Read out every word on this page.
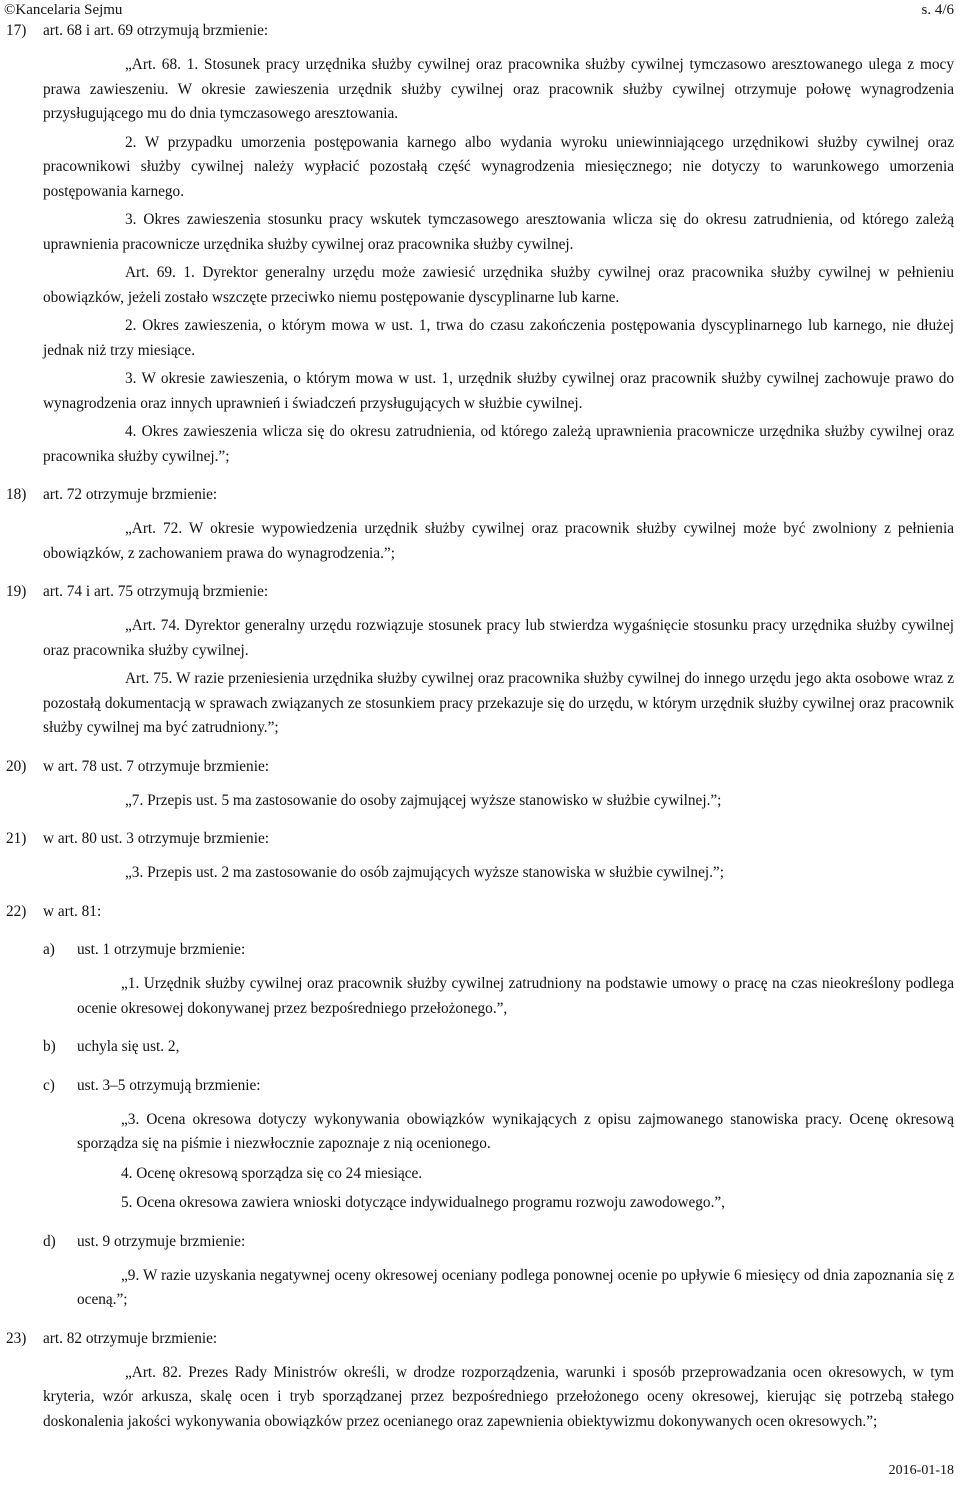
©Kancelaria Sejmu	s. 4/6
17)	art. 68 i art. 69 otrzymują brzmienie:

„Art. 68. 1. Stosunek pracy urzędnika służby cywilnej oraz pracownika służby cywilnej tymczasowo aresztowanego ulega z mocy prawa zawieszeniu. W okresie zawieszenia urzędnik służby cywilnej oraz pracownik służby cywilnej otrzymuje połowę wynagrodzenia przysługującego mu do dnia tymczasowego aresztowania.

2. W przypadku umorzenia postępowania karnego albo wydania wyroku uniewinniającego urzędnikowi służby cywilnej oraz pracownikowi służby cywilnej należy wypłacić pozostałą część wynagrodzenia miesięcznego; nie dotyczy to warunkowego umorzenia postępowania karnego.

3. Okres zawieszenia stosunku pracy wskutek tymczasowego aresztowania wlicza się do okresu zatrudnienia, od którego zależą uprawnienia pracownicze urzędnika służby cywilnej oraz pracownika służby cywilnej.

Art. 69. 1. Dyrektor generalny urzędu może zawiesić urzędnika służby cywilnej oraz pracownika służby cywilnej w pełnieniu obowiązków, jeżeli zostało wszczęte przeciwko niemu postępowanie dyscyplinarne lub karne.

2. Okres zawieszenia, o którym mowa w ust. 1, trwa do czasu zakończenia postępowania dyscyplinarnego lub karnego, nie dłużej jednak niż trzy miesiące.

3. W okresie zawieszenia, o którym mowa w ust. 1, urzędnik służby cywilnej oraz pracownik służby cywilnej zachowuje prawo do wynagrodzenia oraz innych uprawnień i świadczeń przysługujących w służbie cywilnej.

4. Okres zawieszenia wlicza się do okresu zatrudnienia, od którego zależą uprawnienia pracownicze urzędnika służby cywilnej oraz pracownika służby cywilnej.”;

18)	art. 72 otrzymuje brzmienie:

„Art. 72. W okresie wypowiedzenia urzędnik służby cywilnej oraz pracownik służby cywilnej może być zwolniony z pełnienia obowiązków, z zachowaniem prawa do wynagrodzenia.”;

19)	art. 74 i art. 75 otrzymują brzmienie:

„Art. 74. Dyrektor generalny urzędu rozwiązuje stosunek pracy lub stwierdza wygaśnięcie stosunku pracy urzędnika służby cywilnej oraz pracownika służby cywilnej.

Art. 75. W razie przeniesienia urzędnika służby cywilnej oraz pracownika służby cywilnej do innego urzędu jego akta osobowe wraz z pozostałą dokumentacją w sprawach związanych ze stosunkiem pracy przekazuje się do urzędu, w którym urzędnik służby cywilnej oraz pracownik służby cywilnej ma być zatrudniony.”;

20)	w art. 78 ust. 7 otrzymuje brzmienie:

„7. Przepis ust. 5 ma zastosowanie do osoby zajmującej wyższe stanowisko w służbie cywilnej.”;

21)	w art. 80 ust. 3 otrzymuje brzmienie:

„3. Przepis ust. 2 ma zastosowanie do osób zajmujących wyższe stanowiska w służbie cywilnej.”;

22)	w art. 81:
a)	ust. 1 otrzymuje brzmienie:

„1. Urzędnik służby cywilnej oraz pracownik służby cywilnej zatrudniony na podstawie umowy o pracę na czas nieokreślony podlega ocenie okresowej dokonywanej przez bezpośredniego przełożonego.”,

b)	uchyla się ust. 2,
c)	ust. 3–5 otrzymują brzmienie:

„3. Ocena okresowa dotyczy wykonywania obowiązków wynikających z opisu zajmowanego stanowiska pracy. Ocenę okresową sporządza się na piśmie i niezwłocznie zapoznaje z nią ocenionego.

4. Ocenę okresową sporządza się co 24 miesiące.

5. Ocena okresowa zawiera wnioski dotyczące indywidualnego programu rozwoju zawodowego.”,

d)	ust. 9 otrzymuje brzmienie:

„9. W razie uzyskania negatywnej oceny okresowej oceniany podlega ponownej ocenie po upływie 6 miesięcy od dnia zapoznania się z oceną.”;

23)	art. 82 otrzymuje brzmienie:

„Art. 82. Prezes Rady Ministrów określi, w drodze rozporządzenia, warunki i sposób przeprowadzania ocen okresowych, w tym kryteria, wzór arkusza, skalę ocen i tryb sporządzanej przez bezpośredniego przełożonego oceny okresowej, kierując się potrzebą stałego doskonalenia jakości wykonywania obowiązków przez ocenianego oraz zapewnienia obiektywizmu dokonywanych ocen okresowych.”;

2016-01-18
